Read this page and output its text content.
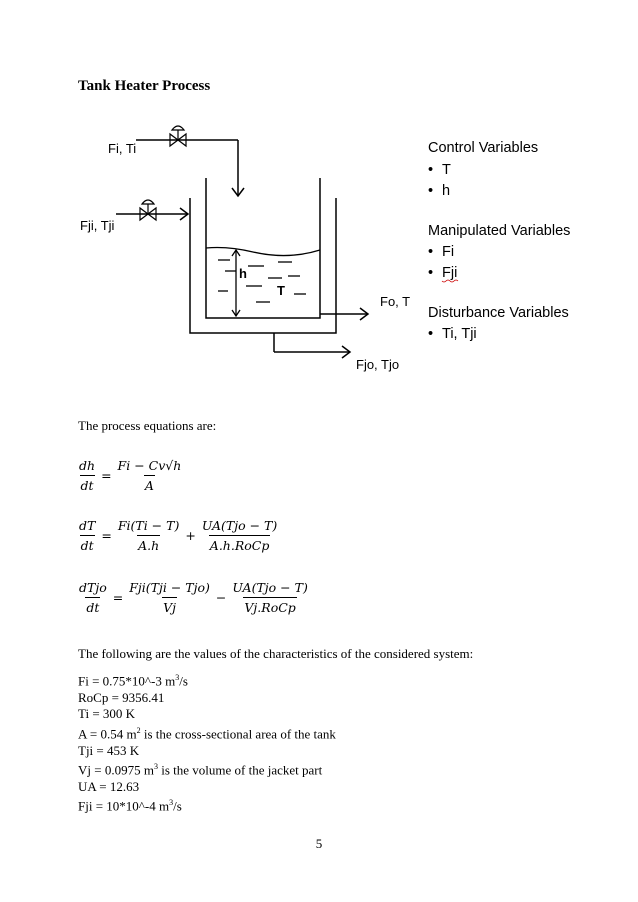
Tank Heater Process
h
T
Fi, Ti
Fji, Tji
Fo, T
Fjo, Tjo
Control Variables
• T
• h
Manipulated Variables
• Fi
• Fji
Disturbance Variables
• Ti, Tji
The process equations are:
$\frac{dh}{dt} = \frac{Fi - Cv√h}{A}$
$\frac{dT}{dt} = \frac{Fi(Ti - T)}{A.h} + \frac{\text{UA(Tjo − T)}}{\text{A.h.RoCp}}$
$\frac{\text{dTjo}}{dt} = \frac{\text{Fji(Tji − Tjo)}}{Vj} - \frac{\text{UA(Tjo − T)}}{\text{Vj.RoCp}}$
The following are the values of the characteristics of the considered system:
Fi = 0.75*10^-3 $m^3/s$
RoCp = 9356.41
Ti = 300 K
A = 0.54 $m^2$ is the cross-sectional area of the tank
Tji = 453 K
Vj = 0.0975 $m^3$ is the volume of the jacket part
UA = 12.63
Fji = 10*10^-4 $m^3/s$
5
